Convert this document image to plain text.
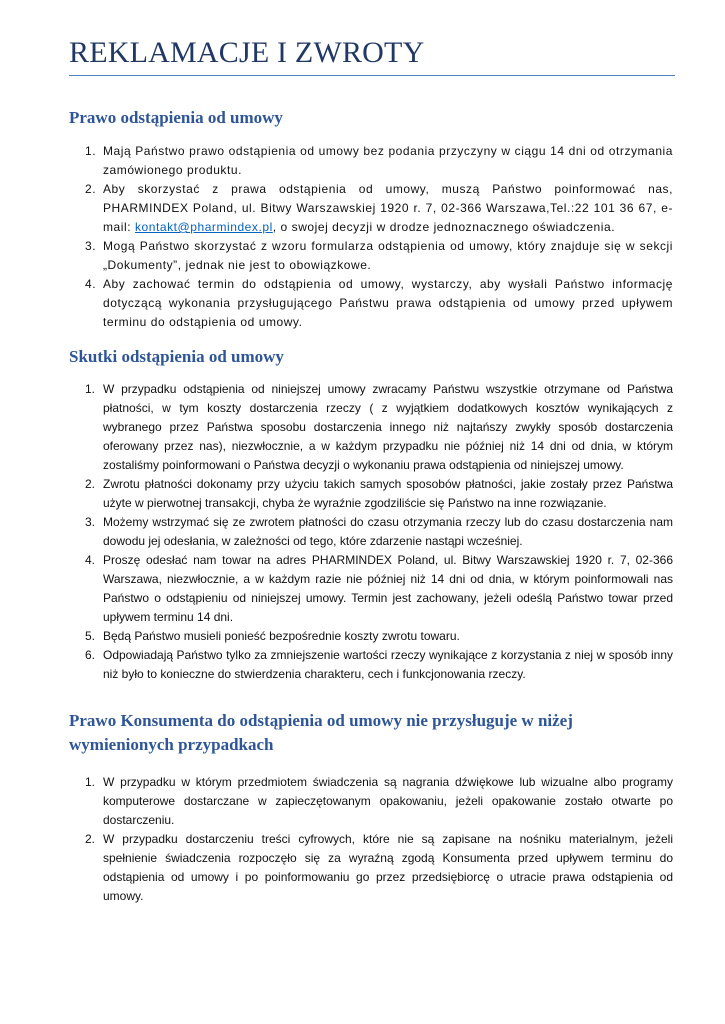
REKLAMACJE I ZWROTY
Prawo odstąpienia od umowy
1. Mają Państwo prawo odstąpienia od umowy bez podania przyczyny w ciągu 14 dni od otrzymania zamówionego produktu.
2. Aby skorzystać z prawa odstąpienia od umowy, muszą Państwo poinformować nas, PHARMINDEX Poland, ul. Bitwy Warszawskiej 1920 r. 7, 02-366 Warszawa,Tel.:22 101 36 67, e-mail: kontakt@pharmindex.pl, o swojej decyzji w drodze jednoznacznego oświadczenia.
3. Mogą Państwo skorzystać z wzoru formularza odstąpienia od umowy, który znajduje się w sekcji „Dokumenty”, jednak nie jest to obowiązkowe.
4. Aby zachować termin do odstąpienia od umowy, wystarczy, aby wysłali Państwo informację dotyczącą wykonania przysługującego Państwu prawa odstąpienia od umowy przed upływem terminu do odstąpienia od umowy.
Skutki odstąpienia od umowy
1. W przypadku odstąpienia od niniejszej umowy zwracamy Państwu wszystkie otrzymane od Państwa płatności, w tym koszty dostarczenia rzeczy ( z wyjątkiem dodatkowych kosztów wynikających z wybranego przez Państwa sposobu dostarczenia innego niż najtańszy zwykły sposób dostarczenia oferowany przez nas), niezwłocznie, a w każdym przypadku nie później niż 14 dni od dnia, w którym zostaliśmy poinformowani o Państwa decyzji o wykonaniu prawa odstąpienia od niniejszej umowy.
2. Zwrotu płatności dokonamy przy użyciu takich samych sposobów płatności, jakie zostały przez Państwa użyte w pierwotnej transakcji, chyba że wyraźnie zgodziliście się Państwo na inne rozwiązanie.
3. Możemy wstrzymać się ze zwrotem płatności do czasu otrzymania rzeczy lub do czasu dostarczenia nam dowodu jej odesłania, w zależności od tego, które zdarzenie nastąpi wcześniej.
4. Proszę odesłać nam towar na adres PHARMINDEX Poland, ul. Bitwy Warszawskiej 1920 r. 7, 02-366 Warszawa, niezwłocznie, a w każdym razie nie później niż 14 dni od dnia, w którym poinformowali nas Państwo o odstąpieniu od niniejszej umowy. Termin jest zachowany, jeżeli odeślą Państwo towar przed upływem terminu 14 dni.
5. Będą Państwo musieli ponieść bezpośrednie koszty zwrotu towaru.
6. Odpowiadają Państwo tylko za zmniejszenie wartości rzeczy wynikające z korzystania z niej w sposób inny niż było to konieczne do stwierdzenia charakteru, cech i funkcjonowania rzeczy.
Prawo Konsumenta do odstąpienia od umowy nie przysługuje w niżej wymienionych przypadkach
1. W przypadku w którym przedmiotem świadczenia są nagrania dźwiękowe lub wizualne albo programy komputerowe dostarczane w zapieczętowanym opakowaniu, jeżeli opakowanie zostało otwarte po dostarczeniu.
2. W przypadku dostarczeniu treści cyfrowych, które nie są zapisane na nośniku materialnym, jeżeli spełnienie świadczenia rozpoczęło się za wyraźną zgodą Konsumenta przed upływem terminu do odstąpienia od umowy i po poinformowaniu go przez przedsiębiorcę o utracie prawa odstąpienia od umowy.
